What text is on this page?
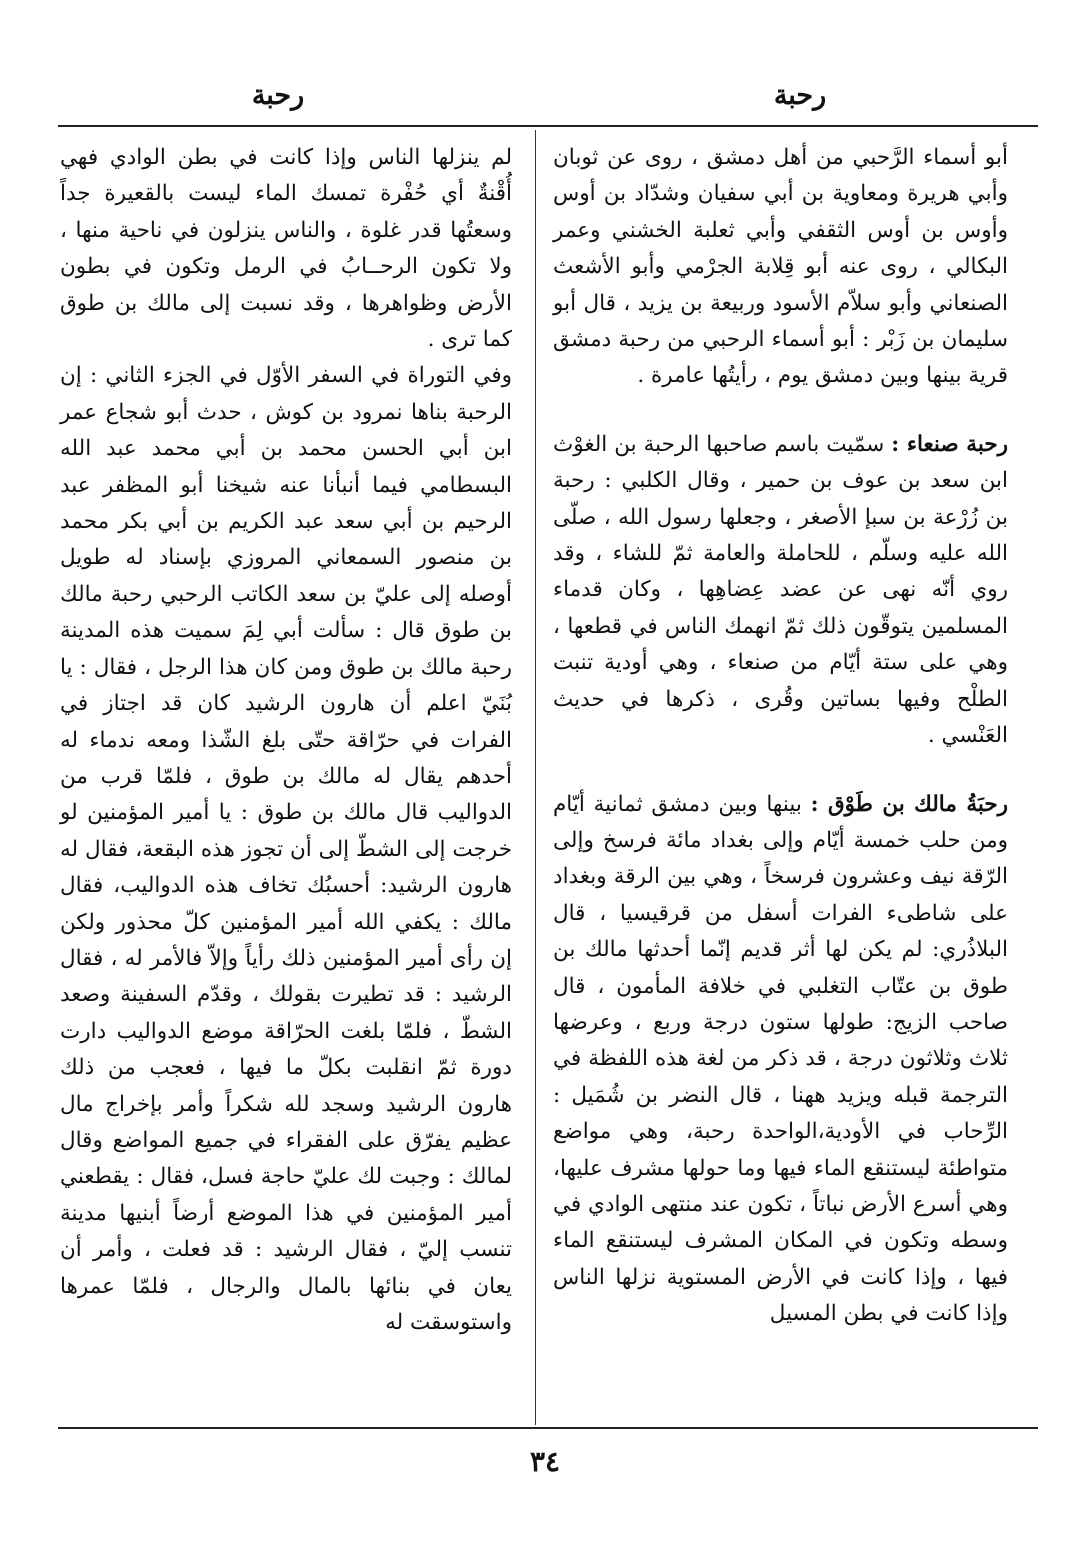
رحبة
رحبة

أبو أسماء الرَّحبي من أهل دمشق ، روى عن ثوبان وأبي هريرة ومعاوية بن أبي سفيان وشدّاد بن أوس وأوس بن أوس الثقفي وأبي ثعلبة الخشني وعمر البكالي ، روى عنه أبو قِلابة الجرْمي وأبو الأشعث الصنعاني وأبو سلاّم الأسود وربيعة بن يزيد ، قال أبو سليمان بن زَبْر : أبو أسماء الرحبي من رحبة دمشق قرية بينها وبين دمشق يوم ، رأيتُها عامرة .

رحبة صنعاء : سمّيت باسم صاحبها الرحبة بن الغوْث ابن سعد بن عوف بن حمير ، وقال الكلبي : رحبة بن زُرْعة بن سبإ الأصغر ، وجعلها رسول الله ، صلّى الله عليه وسلّم ، للحاملة والعامة ثمّ للشاء ، وقد روي أنّه نهى عن عضد عِضاهِها ، وكان قدماء المسلمين يتوقّون ذلك ثمّ انهمك الناس في قطعها ، وهي على ستة أيّام من صنعاء ، وهي أودية تنبت الطلْح وفيها بساتين وقُرى ، ذكرها في حديث العَنْسي .

رحبَةُ مالك بن طَوْق : بينها وبين دمشق ثمانية أيّام ومن حلب خمسة أيّام وإلى بغداد مائة فرسخ وإلى الرّقة نيف وعشرون فرسخاً ، وهي بين الرقة وبغداد على شاطىء الفرات أسفل من قرقيسيا ، قال البلاذُري: لم يكن لها أثر قديم إنّما أحدثها مالك بن طوق بن عتّاب التغلبي في خلافة المأمون ، قال صاحب الزيج: طولها ستون درجة وربع ، وعرضها ثلاث وثلاثون درجة ، قد ذكر من لغة هذه اللفظة في الترجمة قبله ويزيد ههنا ، قال النضر بن شُمَيل : الرِّحاب في الأودية،الواحدة رحبة، وهي مواضع متواطئة ليستنقع الماء فيها وما حولها مشرف عليها، وهي أسرع الأرض نباتاً ، تكون عند منتهى الوادي في وسطه وتكون في المكان المشرف ليستنقع الماء فيها ، وإذا كانت في الأرض المستوية نزلها الناس وإذا كانت في بطن المسيل

لم ينزلها الناس وإذا كانت في بطن الوادي فهي أُقْنةٌ أي حُفْرة تمسك الماء ليست بالقعيرة جداً وسعتُها قدر غلوة ، والناس ينزلون في ناحية منها ، ولا تكون الرحــابُ في الرمل وتكون في بطون الأرض وظواهرها ، وقد نسبت إلى مالك بن طوق كما ترى .

وفي التوراة في السفر الأوّل في الجزء الثاني : إن الرحبة بناها نمرود بن كوش ، حدث أبو شجاع عمر ابن أبي الحسن محمد بن أبي محمد عبد الله البسطامي فيما أنبأنا عنه شيخنا أبو المظفر عبد الرحيم بن أبي سعد عبد الكريم بن أبي بكر محمد بن منصور السمعاني المروزي بإسناد له طويل أوصله إلى عليّ بن سعد الكاتب الرحبي رحبة مالك بن طوق قال : سألت أبي لِمَ سميت هذه المدينة رحبة مالك بن طوق ومن كان هذا الرجل ، فقال : يا بُنَيّ اعلم أن هارون الرشيد كان قد اجتاز في الفرات في حرّاقة حتّى بلغ الشّذا ومعه ندماء له أحدهم يقال له مالك بن طوق ، فلمّا قرب من الدواليب قال مالك بن طوق : يا أمير المؤمنين لو خرجت إلى الشطّ إلى أن تجوز هذه البقعة، فقال له هارون الرشيد: أحسبُك تخاف هذه الدواليب، فقال مالك : يكفي الله أمير المؤمنين كلّ محذور ولكن إن رأى أمير المؤمنين ذلك رأياً وإلاّ فالأمر له ، فقال الرشيد : قد تطيرت بقولك ، وقدّم السفينة وصعد الشطّ ، فلمّا بلغت الحرّاقة موضع الدواليب دارت دورة ثمّ انقلبت بكلّ ما فيها ، فعجب من ذلك هارون الرشيد وسجد لله شكراً وأمر بإخراج مال عظيم يفرّق على الفقراء في جميع المواضع وقال لمالك : وجبت لك عليّ حاجة فسل، فقال : يقطعني أمير المؤمنين في هذا الموضع أرضاً أبنيها مدينة تنسب إليّ ، فقال الرشيد : قد فعلت ، وأمر أن يعان في بنائها بالمال والرجال ، فلمّا عمرها واستوسقت له

٣٤
